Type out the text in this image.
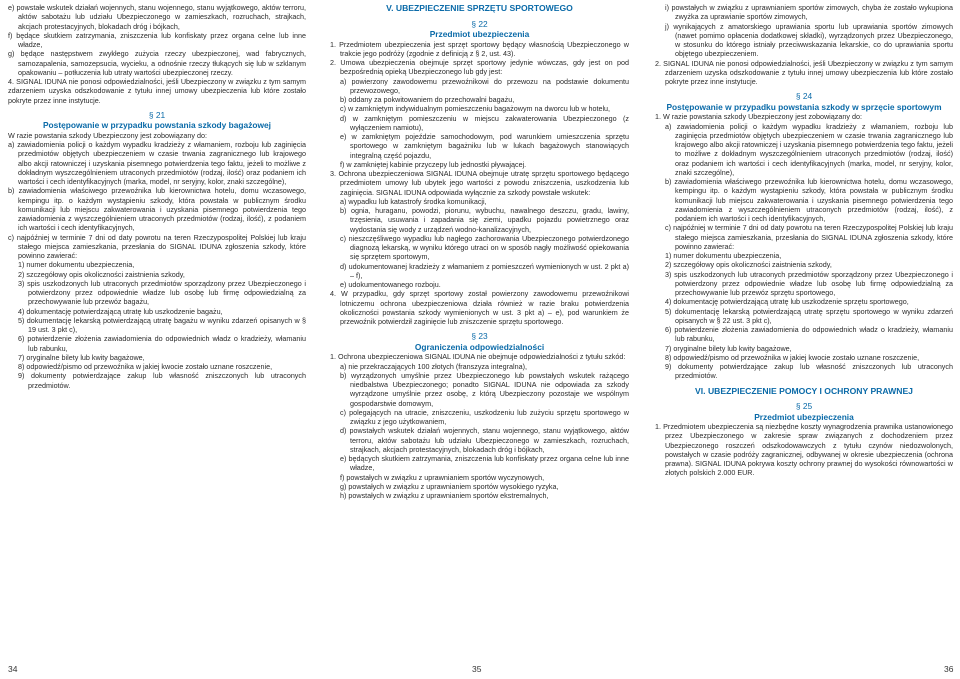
e) powstałe wskutek działań wojennych, stanu wojennego, stanu wyjątkowego, aktów terroru, aktów sabotażu lub udziału Ubezpieczonego w zamieszkach, rozruchach, strajkach, akcjach protestacyjnych, blokadach dróg i bójkach,

f) będące skutkiem zatrzymania, zniszczenia lub konfiskaty przez organa celne lub inne władze,

g) będące następstwem zwykłego zużycia rzeczy ubezpieczonej, wad fabrycznych, samozapalenia, samozepsucia, wycieku, a odnośnie rzeczy tłukących się lub w szklanym opakowaniu – potłuczenia lub utraty wartości ubezpieczonej rzeczy.

4. SIGNAL IDUNA nie ponosi odpowiedzialności, jeśli Ubezpieczony w związku z tym samym zdarzeniem uzyska odszkodowanie z tytułu innej umowy ubezpieczenia lub które zostało pokryte przez inne instytucje.

§ 21

Postępowanie w przypadku powstania szkody bagażowej

W razie powstania szkody Ubezpieczony jest zobowiązany do:

a) zawiadomienia policji o każdym wypadku kradzieży z włamaniem, rozboju lub zaginięcia przedmiotów objętych ubezpieczeniem w czasie trwania zagranicznego lub krajowego albo akcji ratowniczej i uzyskania pisemnego potwierdzenia tego faktu, jeżeli to możliwe z dokładnym wyszczególnieniem utraconych przedmiotów (rodzaj, ilość) oraz podaniem ich wartości i cech identyfikacyjnych (marka, model, nr seryjny, kolor, znaki szczególne),

b) zawiadomienia właściwego przewoźnika lub kierownictwa hotelu, domu wczasowego, kempingu itp. o każdym wystąpieniu szkody, która powstała w publicznym środku komunikacji lub miejscu zakwaterowania i uzyskania pisemnego potwierdzenia tego zawiadomienia z wyszczególnieniem utraconych przedmiotów (rodzaj, ilość), z podaniem ich wartości i cech identyfikacyjnych,

c) najpóźniej w terminie 7 dni od daty powrotu na teren Rzeczypospolitej Polskiej lub kraju stałego miejsca zamieszkania, przesłania do SIGNAL IDUNA zgłoszenia szkody, które powinno zawierać:

1) numer dokumentu ubezpieczenia,

2) szczegółowy opis okoliczności zaistnienia szkody,

3) spis uszkodzonych lub utraconych przedmiotów sporządzony przez Ubezpieczonego i potwierdzony przez odpowiednie władze lub osobę lub firmę odpowiedzialną za przechowywanie lub przewóz bagażu,

4) dokumentację potwierdzającą utratę lub uszkodzenie bagażu,

5) dokumentację lekarską potwierdzającą utratę bagażu w wyniku zdarzeń opisanych w § 19 ust. 3 pkt c),

6) potwierdzenie złożenia zawiadomienia do odpowiednich władz o kradzieży, włamaniu lub rabunku,

7) oryginalne bilety lub kwity bagażowe,

8) odpowiedź/pismo od przewoźnika w jakiej kwocie zostało uznane roszczenie,

9) dokumenty potwierdzające zakup lub własność zniszczonych lub utraconych przedmiotów.

V. UBEZPIECZENIE SPRZĘTU SPORTOWEGO

§ 22

Przedmiot ubezpieczenia

1. Przedmiotem ubezpieczenia jest sprzęt sportowy będący własnością Ubezpieczonego w trakcie jego podróży (zgodnie z definicją z § 2, ust. 43).

2. Umowa ubezpieczenia obejmuje sprzęt sportowy jedynie wówczas, gdy jest on pod bezpośrednią opieką Ubezpieczonego lub gdy jest:

a) powierzony zawodowemu przewoźnikowi do przewozu na podstawie dokumentu przewozowego,

b) oddany za pokwitowaniem do przechowalni bagażu,

c) w zamkniętym indywidualnym pomieszczeniu bagażowym na dworcu lub w hotelu,

d) w zamkniętym pomieszczeniu w miejscu zakwaterowania Ubezpieczonego (z wyłączeniem namiotu),

e) w zamkniętym pojeździe samochodowym, pod warunkiem umieszczenia sprzętu sportowego w zamkniętym bagażniku lub w lukach bagażowych stanowiących integralną część pojazdu,

f) w zamkniętej kabinie przyczepy lub jednostki pływającej.

3. Ochrona ubezpieczeniowa SIGNAL IDUNA obejmuje utratę sprzętu sportowego będącego przedmiotem umowy lub ubytek jego wartości z powodu zniszczenia, uszkodzenia lub zaginięcia. SIGNAL IDUNA odpowiada wyłącznie za szkody powstałe wskutek:

a) wypadku lub katastrofy środka komunikacji,

b) ognia, huraganu, powodzi, piorunu, wybuchu, nawalnego deszczu, gradu, lawiny, trzęsienia, usuwania i zapadania się ziemi, upadku pojazdu powietrznego oraz wydostania się wody z urządzeń wodno-kanalizacyjnych,

c) nieszczęśliwego wypadku lub nagłego zachorowania Ubezpieczonego potwierdzonego diagnozą lekarską, w wyniku którego utraci on w sposób nagły możliwość opiekowania się sprzętem sportowym,

d) udokumentowanej kradzieży z włamaniem z pomieszczeń wymienionych w ust. 2 pkt a) – f),

e) udokumentowanego rozboju.

4. W przypadku, gdy sprzęt sportowy został powierzony zawodowemu przewoźnikowi lotniczemu ochrona ubezpieczeniowa działa również w razie braku potwierdzenia okoliczności powstania szkody wymienionych w ust. 3 pkt a) – e), pod warunkiem że przewoźnik potwierdził zaginięcie lub zniszczenie sprzętu sportowego.

§ 23

Ograniczenia odpowiedzialności

1. Ochrona ubezpieczeniowa SIGNAL IDUNA nie obejmuje odpowiedzialności z tytułu szkód:

a) nie przekraczających 100 złotych (franszyza integralna),

b) wyrządzonych umyślnie przez Ubezpieczonego lub powstałych wskutek rażącego niedbalstwa Ubezpieczonego; ponadto SIGNAL IDUNA nie odpowiada za szkody wyrządzone umyślnie przez osobę, z którą Ubezpieczony pozostaje we wspólnym gospodarstwie domowym,

c) polegających na utracie, zniszczeniu, uszkodzeniu lub zużyciu sprzętu sportowego w związku z jego użytkowaniem,

d) powstałych wskutek działań wojennych, stanu wojennego, stanu wyjątkowego, aktów terroru, aktów sabotażu lub udziału Ubezpieczonego w zamieszkach, rozruchach, strajkach, akcjach protestacyjnych, blokadach dróg i bójkach,

e) będących skutkiem zatrzymania, zniszczenia lub konfiskaty przez organa celne lub inne władze,

f) powstałych w związku z uprawnianiem sportów wyczynowych,

g) powstałych w związku z uprawnianiem sportów wysokiego ryzyka,

h) powstałych w związku z uprawnianiem sportów ekstremalnych,

i) powstałych w związku z uprawnianiem sportów zimowych, chyba że zostało wykupiona zwyżka za uprawianie sportów zimowych,

j) wynikających z amatorskiego uprawiania sportu lub uprawiania sportów zimowych (nawet pomimo opłacenia dodatkowej składki), wyrządzonych przez Ubezpieczonego, w stosunku do którego istniały przeciwwskazania lekarskie, co do uprawiania sportu objętego ubezpieczeniem.

2. SIGNAL IDUNA nie ponosi odpowiedzialności, jeśli Ubezpieczony w związku z tym samym zdarzeniem uzyska odszkodowanie z tytułu innej umowy ubezpieczenia lub które zostało pokryte przez inne instytucje.

§ 24

Postępowanie w przypadku powstania szkody w sprzęcie sportowym

1. W razie powstania szkody Ubezpieczony jest zobowiązany do:

a) zawiadomienia policji o każdym wypadku kradzieży z włamaniem, rozboju lub zaginięcia przedmiotów objętych ubezpieczeniem w czasie trwania zagranicznego lub krajowego albo akcji ratowniczej i uzyskania pisemnego potwierdzenia tego faktu, jeżeli to możliwe z dokładnym wyszczególnieniem utraconych przedmiotów (rodzaj, ilość) oraz podaniem ich wartości i cech identyfikacyjnych (marka, model, nr seryjny, kolor, znaki szczególne),

b) zawiadomienia właściwego przewoźnika lub kierownictwa hotelu, domu wczasowego, kempingu itp. o każdym wystąpieniu szkody, która powstała w publicznym środku komunikacji lub miejscu zakwaterowania i uzyskania pisemnego potwierdzenia tego zawiadomienia z wyszczególnieniem utraconych przedmiotów (rodzaj, ilość), z podaniem ich wartości i cech identyfikacyjnych,

c) najpóźniej w terminie 7 dni od daty powrotu na teren Rzeczypospolitej Polskiej lub kraju stałego miejsca zamieszkania, przesłania do SIGNAL IDUNA zgłoszenia szkody, które powinno zawierać:

1) numer dokumentu ubezpieczenia,

2) szczegółowy opis okoliczności zaistnienia szkody,

3) spis uszkodzonych lub utraconych przedmiotów sporządzony przez Ubezpieczonego i potwierdzony przez odpowiednie władze lub osobę lub firmę odpowiedzialną za przechowywanie lub przewóz sprzętu sportowego,

4) dokumentację potwierdzającą utratę lub uszkodzenie sprzętu sportowego,

5) dokumentację lekarską potwierdzającą utratę sprzętu sportowego w wyniku zdarzeń opisanych w § 22 ust. 3 pkt c),

6) potwierdzenie złożenia zawiadomienia do odpowiednich władz o kradzieży, włamaniu lub rabunku,

7) oryginalne bilety lub kwity bagażowe,

8) odpowiedź/pismo od przewoźnika w jakiej kwocie zostało uznane roszczenie,

9) dokumenty potwierdzające zakup lub własność zniszczonych lub utraconych przedmiotów.

VI. UBEZPIECZENIE POMOCY I OCHRONY PRAWNEJ

§ 25

Przedmiot ubezpieczenia

1. Przedmiotem ubezpieczenia są niezbędne koszty wynagrodzenia prawnika ustanowionego przez Ubezpieczonego w zakresie spraw związanych z dochodzeniem przez Ubezpieczonego roszczeń odszkodowawczych z tytułu czynów niedozwolonych, powstałych w czasie podróży zagranicznej, odbywanej w okresie ubezpieczenia (ochrona prawna). SIGNAL IDUNA pokrywa koszty ochrony prawnej do wysokości równowartości w złotych polskich 2.000 EUR.

34	35	36
